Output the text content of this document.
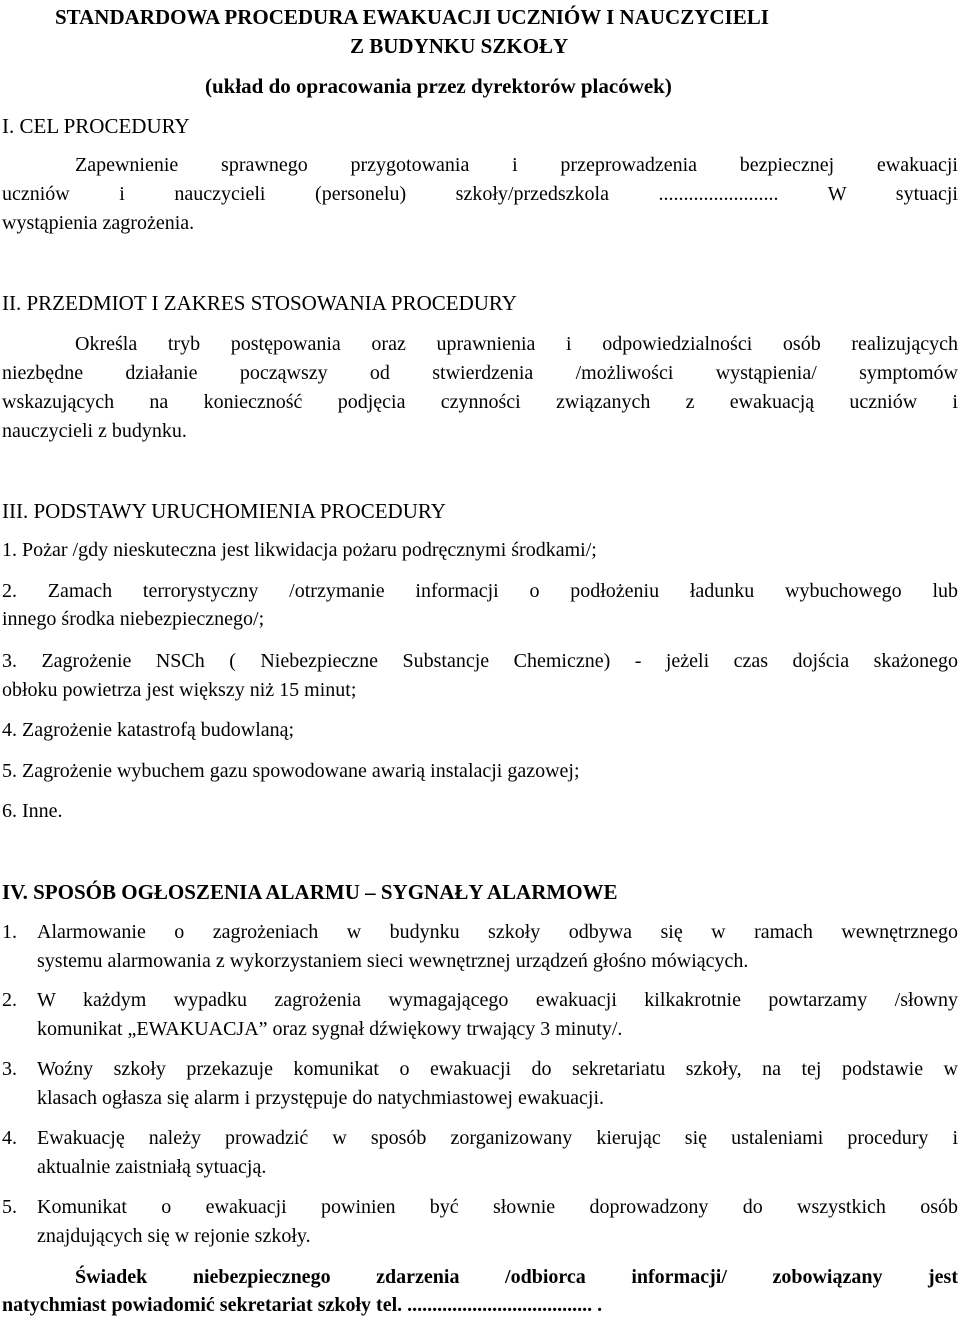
STANDARDOWA PROCEDURA EWAKUACJI UCZNIÓW I NAUCZYCIELI
Z BUDYNKU SZKOŁY
(układ do opracowania przez dyrektorów placówek)
I. CEL PROCEDURY
Zapewnienie sprawnego przygotowania i przeprowadzenia bezpiecznej ewakuacji
uczniów i nauczycieli (personelu) szkoły/przedszkola ........................ W sytuacji
wystąpienia zagrożenia.
II. PRZEDMIOT I ZAKRES STOSOWANIA PROCEDURY
Określa tryb postępowania oraz uprawnienia i odpowiedzialności osób realizujących
niezbędne działanie począwszy od stwierdzenia /możliwości wystąpienia/ symptomów
wskazujących na konieczność podjęcia czynności związanych z ewakuacją uczniów i
nauczycieli z budynku.
III. PODSTAWY URUCHOMIENIA PROCEDURY
1. Pożar /gdy nieskuteczna jest likwidacja pożaru podręcznymi środkami/;
2. Zamach terrorystyczny /otrzymanie informacji o podłożeniu ładunku wybuchowego lub
innego środka niebezpiecznego/;
3. Zagrożenie NSCh ( Niebezpieczne Substancje Chemiczne) - jeżeli czas dojścia skażonego
obłoku powietrza jest większy niż 15 minut;
4. Zagrożenie katastrofą budowlaną;
5. Zagrożenie wybuchem gazu spowodowane awarią instalacji gazowej;
6. Inne.
IV. SPOSÓB OGŁOSZENIA ALARMU – SYGNAŁY ALARMOWE
1. Alarmowanie o zagrożeniach w budynku szkoły odbywa się w ramach wewnętrznego
systemu alarmowania z wykorzystaniem sieci wewnętrznej urządzeń głośno mówiących.
2. W każdym wypadku zagrożenia wymagającego ewakuacji kilkakrotnie powtarzamy /słowny
komunikat „EWAKUACJA” oraz sygnał dźwiękowy trwający 3 minuty/.
3. Woźny szkoły przekazuje komunikat o ewakuacji do sekretariatu szkoły, na tej podstawie w
klasach ogłasza się alarm i przystępuje do natychmiastowej ewakuacji.
4. Ewakuację należy prowadzić w sposób zorganizowany kierując się ustaleniami procedury i
aktualnie zaistniałą sytuacją.
5. Komunikat o ewakuacji powinien być słownie doprowadzony do wszystkich osób
znajdujących się w rejonie szkoły.
Świadek niebezpiecznego zdarzenia /odbiorca informacji/ zobowiązany jest
natychmiast powiadomić sekretariat szkoły tel. ..................................... .
